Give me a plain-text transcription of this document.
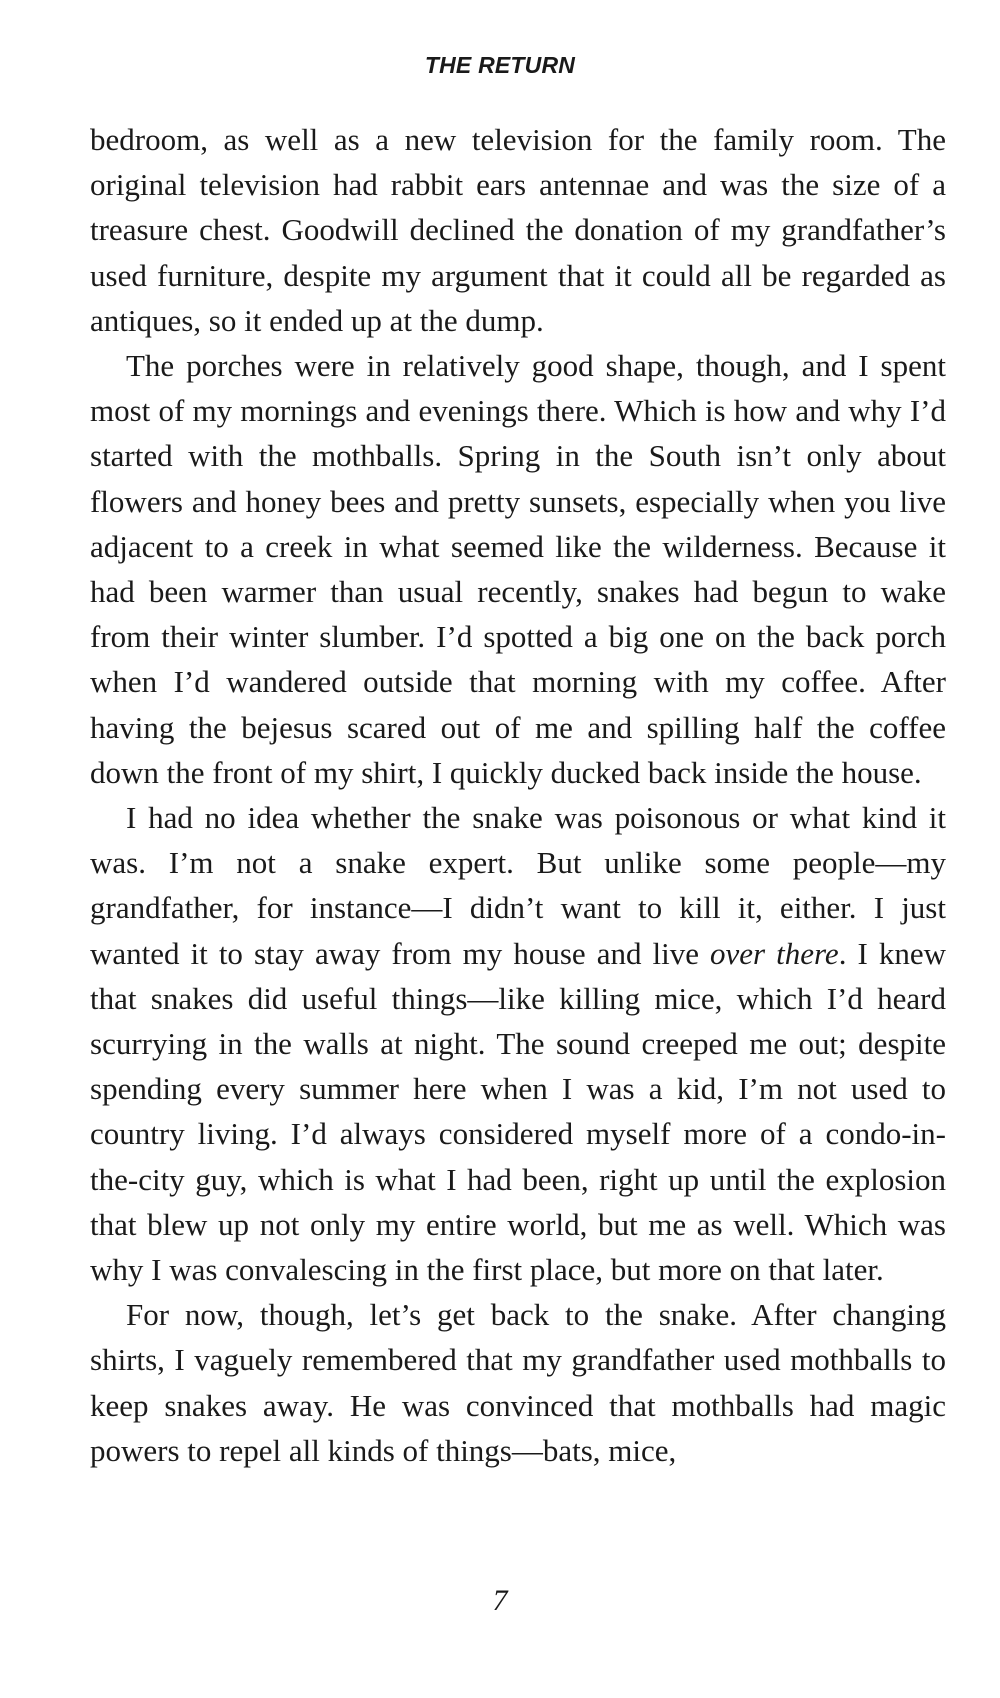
THE RETURN

bedroom, as well as a new television for the family room. The original television had rabbit ears antennae and was the size of a treasure chest. Goodwill declined the donation of my grandfather’s used furniture, despite my argument that it could all be regarded as antiques, so it ended up at the dump.

The porches were in relatively good shape, though, and I spent most of my mornings and evenings there. Which is how and why I’d started with the mothballs. Spring in the South isn’t only about flowers and honey bees and pretty sunsets, especially when you live adjacent to a creek in what seemed like the wilderness. Because it had been warmer than usual recently, snakes had begun to wake from their winter slumber. I’d spotted a big one on the back porch when I’d wandered outside that morning with my coffee. After having the bejesus scared out of me and spilling half the coffee down the front of my shirt, I quickly ducked back inside the house.

I had no idea whether the snake was poisonous or what kind it was. I’m not a snake expert. But unlike some people—my grandfather, for instance—I didn’t want to kill it, either. I just wanted it to stay away from my house and live over there. I knew that snakes did useful things—like killing mice, which I’d heard scurrying in the walls at night. The sound creeped me out; despite spending every summer here when I was a kid, I’m not used to country living. I’d always considered myself more of a condo-in-the-city guy, which is what I had been, right up until the explosion that blew up not only my entire world, but me as well. Which was why I was convalescing in the first place, but more on that later.

For now, though, let’s get back to the snake. After changing shirts, I vaguely remembered that my grandfather used mothballs to keep snakes away. He was convinced that mothballs had magic powers to repel all kinds of things—bats, mice,

7
